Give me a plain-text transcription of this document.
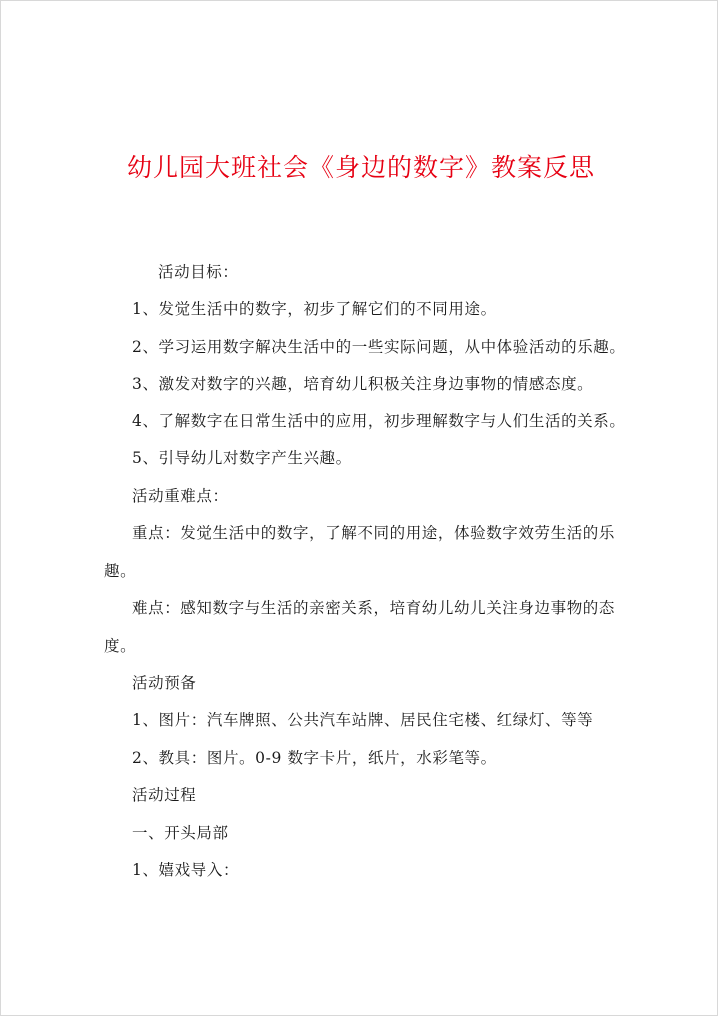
幼儿园大班社会《身边的数字》教案反思
活动目标：
1、发觉生活中的数字，初步了解它们的不同用途。
2、学习运用数字解决生活中的一些实际问题，从中体验活动的乐趣。
3、激发对数字的兴趣，培育幼儿积极关注身边事物的情感态度。
4、了解数字在日常生活中的应用，初步理解数字与人们生活的关系。
5、引导幼儿对数字产生兴趣。
活动重难点：
重点：发觉生活中的数字，了解不同的用途，体验数字效劳生活的乐
趣。
难点：感知数字与生活的亲密关系，培育幼儿幼儿关注身边事物的态
度。
活动预备
1、图片：汽车牌照、公共汽车站牌、居民住宅楼、红绿灯、等等
2、教具：图片。0-9 数字卡片，纸片，水彩笔等。
活动过程
一、开头局部
1、嬉戏导入：
